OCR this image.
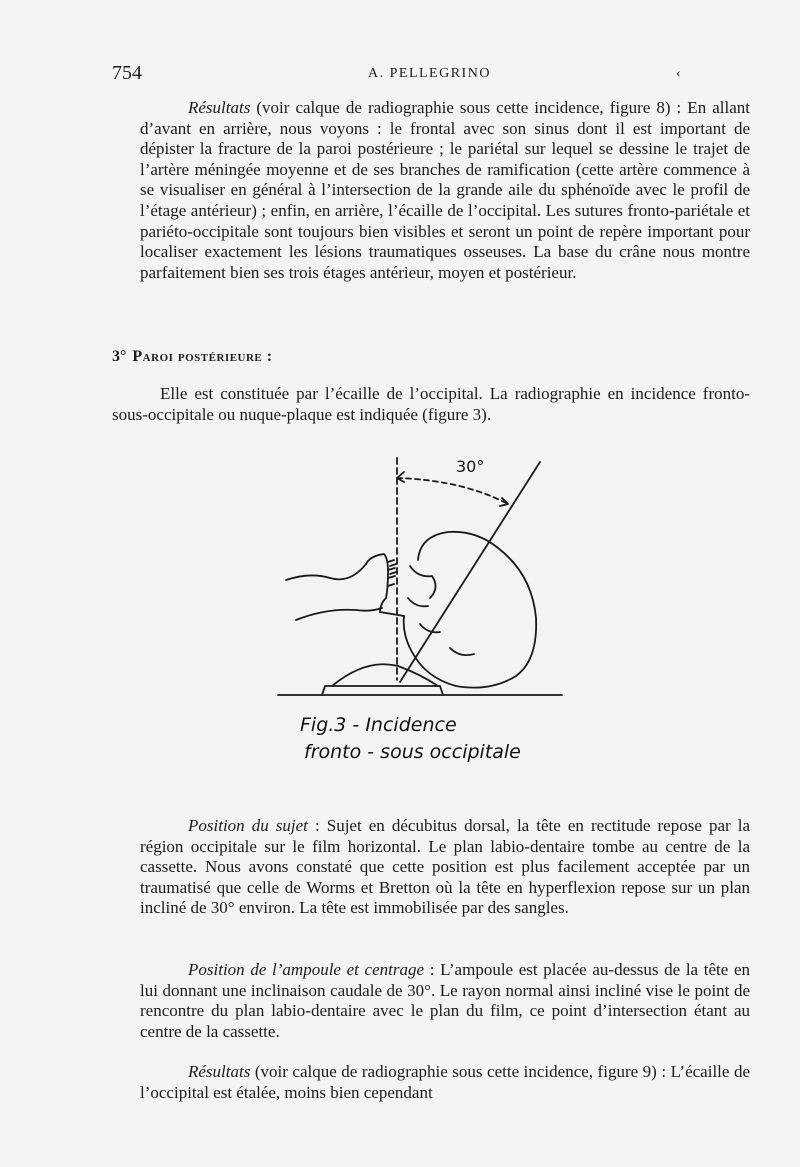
754	A. PELLEGRINO	‹

Résultats (voir calque de radiographie sous cette incidence, figure 8) : En allant d’avant en arrière, nous voyons : le frontal avec son sinus dont il est important de dépister la fracture de la paroi postérieure ; le pariétal sur lequel se dessine le trajet de l’artère méningée moyenne et de ses branches de ramification (cette artère commence à se visualiser en général à l’intersection de la grande aile du sphénoïde avec le profil de l’étage antérieur) ; enfin, en arrière, l’écaille de l’occipital. Les sutures fronto-pariétale et pariéto-occipitale sont toujours bien visibles et seront un point de repère important pour localiser exactement les lésions traumatiques osseuses. La base du crâne nous montre parfaitement bien ses trois étages antérieur, moyen et postérieur.

3° Paroi postérieure :

Elle est constituée par l’écaille de l’occipital. La radiographie en incidence fronto-sous-occipitale ou nuque-plaque est indiquée (figure 3).

30°

Fig.3 - Incidence
fronto - sous occipitale

Position du sujet : Sujet en décubitus dorsal, la tête en rectitude repose par la région occipitale sur le film horizontal. Le plan labio-dentaire tombe au centre de la cassette. Nous avons constaté que cette position est plus facilement acceptée par un traumatisé que celle de Worms et Bretton où la tête en hyperflexion repose sur un plan incliné de 30° environ. La tête est immobilisée par des sangles.

Position de l’ampoule et centrage : L’ampoule est placée au-dessus de la tête en lui donnant une inclinaison caudale de 30°. Le rayon normal ainsi incliné vise le point de rencontre du plan labio-dentaire avec le plan du film, ce point d’intersection étant au centre de la cassette.

Résultats (voir calque de radiographie sous cette incidence, figure 9) : L’écaille de l’occipital est étalée, moins bien cependant
